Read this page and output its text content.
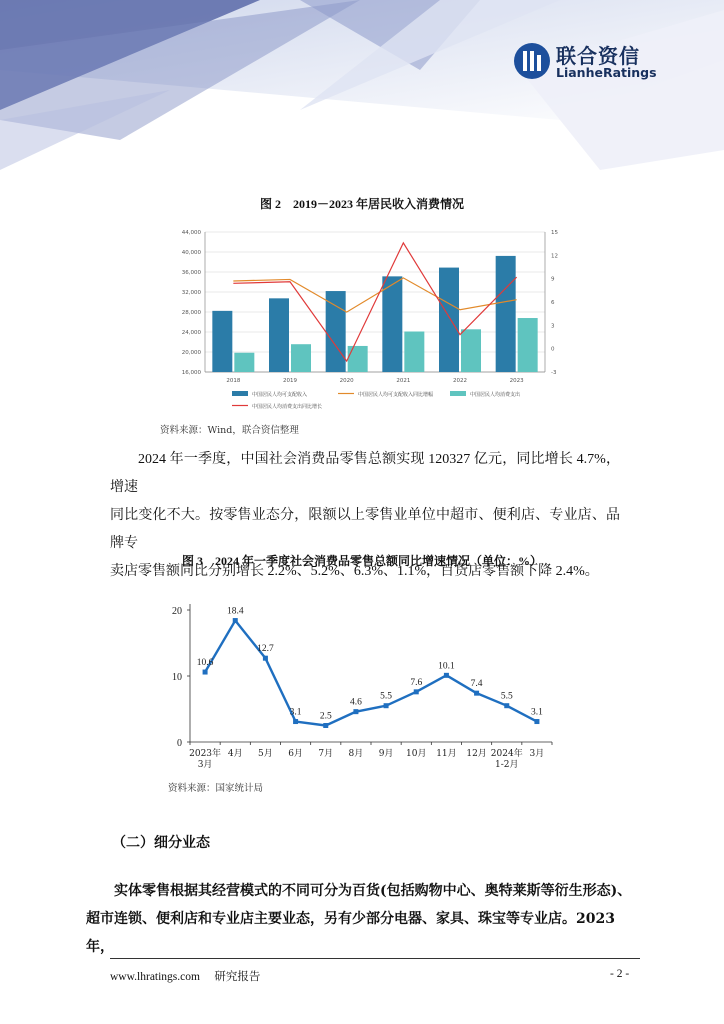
联合资信
LianheRatings
图 2　2019－2023 年居民收入消费情况
16,000
20,000
24,000
28,000
32,000
36,000
40,000
44,000
-3
0
3
6
9
12
15
2018	2019	2020	2021	2022	2023
中国居民人均可支配收入	中国居民人均可支配收入同比增幅	中国居民人均消费支出
中国居民人均消费支出同比增长
资料来源：Wind，联合资信整理
2024 年一季度，中国社会消费品零售总额实现 120327 亿元，同比增长 4.7%，增速
同比变化不大。按零售业态分，限额以上零售业单位中超市、便利店、专业店、品牌专
卖店零售额同比分别增长 2.2%、5.2%、6.3%、1.1%，百货店零售额下降 2.4%。
图 3　2024 年一季度社会消费品零售总额同比增速情况（单位：%）
0
10
20
10.6
18.4
12.7
3.1 2.5
4.6
5.5
7.6
10.1
7.4
5.5
3.1
2023年
3月
4月 5月 6月 7月 8月 9月 10月 11月 12月 2024年
1-2月
3月
资料来源：国家统计局
（二）细分业态
实体零售根据其经营模式的不同可分为百货(包括购物中心、奥特莱斯等衍生形态)、
超市连锁、便利店和专业店主要业态，另有少部分电器、家具、珠宝等专业店。2023 年，
www.lhratings.com　 研究报告	- 2 -
